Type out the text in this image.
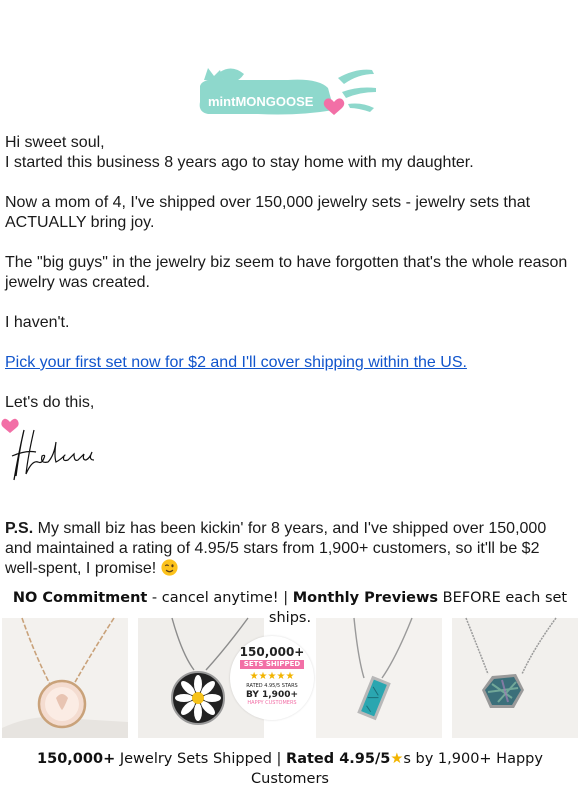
mintMONGOOSE

Hi sweet soul,

I started this business 8 years ago to stay home with my daughter.

Now a mom of 4, I've shipped over 150,000 jewelry sets - jewelry sets that ACTUALLY bring joy.

The "big guys" in the jewelry biz seem to have forgotten that's the whole reason jewelry was created.

I haven't.

Pick your first set now for $2 and I'll cover shipping within the US.

Let's do this,

P.S. My small biz has been kickin' for 8 years, and I've shipped over 150,000 and maintained a rating of 4.95/5 stars from 1,900+ customers, so it'll be $2 well-spent, I promise!
NO Commitment - cancel anytime! | Monthly Previews BEFORE each set ships.
150,000+
SETS SHIPPED
★★★★★
RATED 4.95/5 STARS
BY 1,900+
HAPPY CUSTOMERS
150,000+ Jewelry Sets Shipped | Rated 4.95/5★s by 1,900+ Happy Customers
